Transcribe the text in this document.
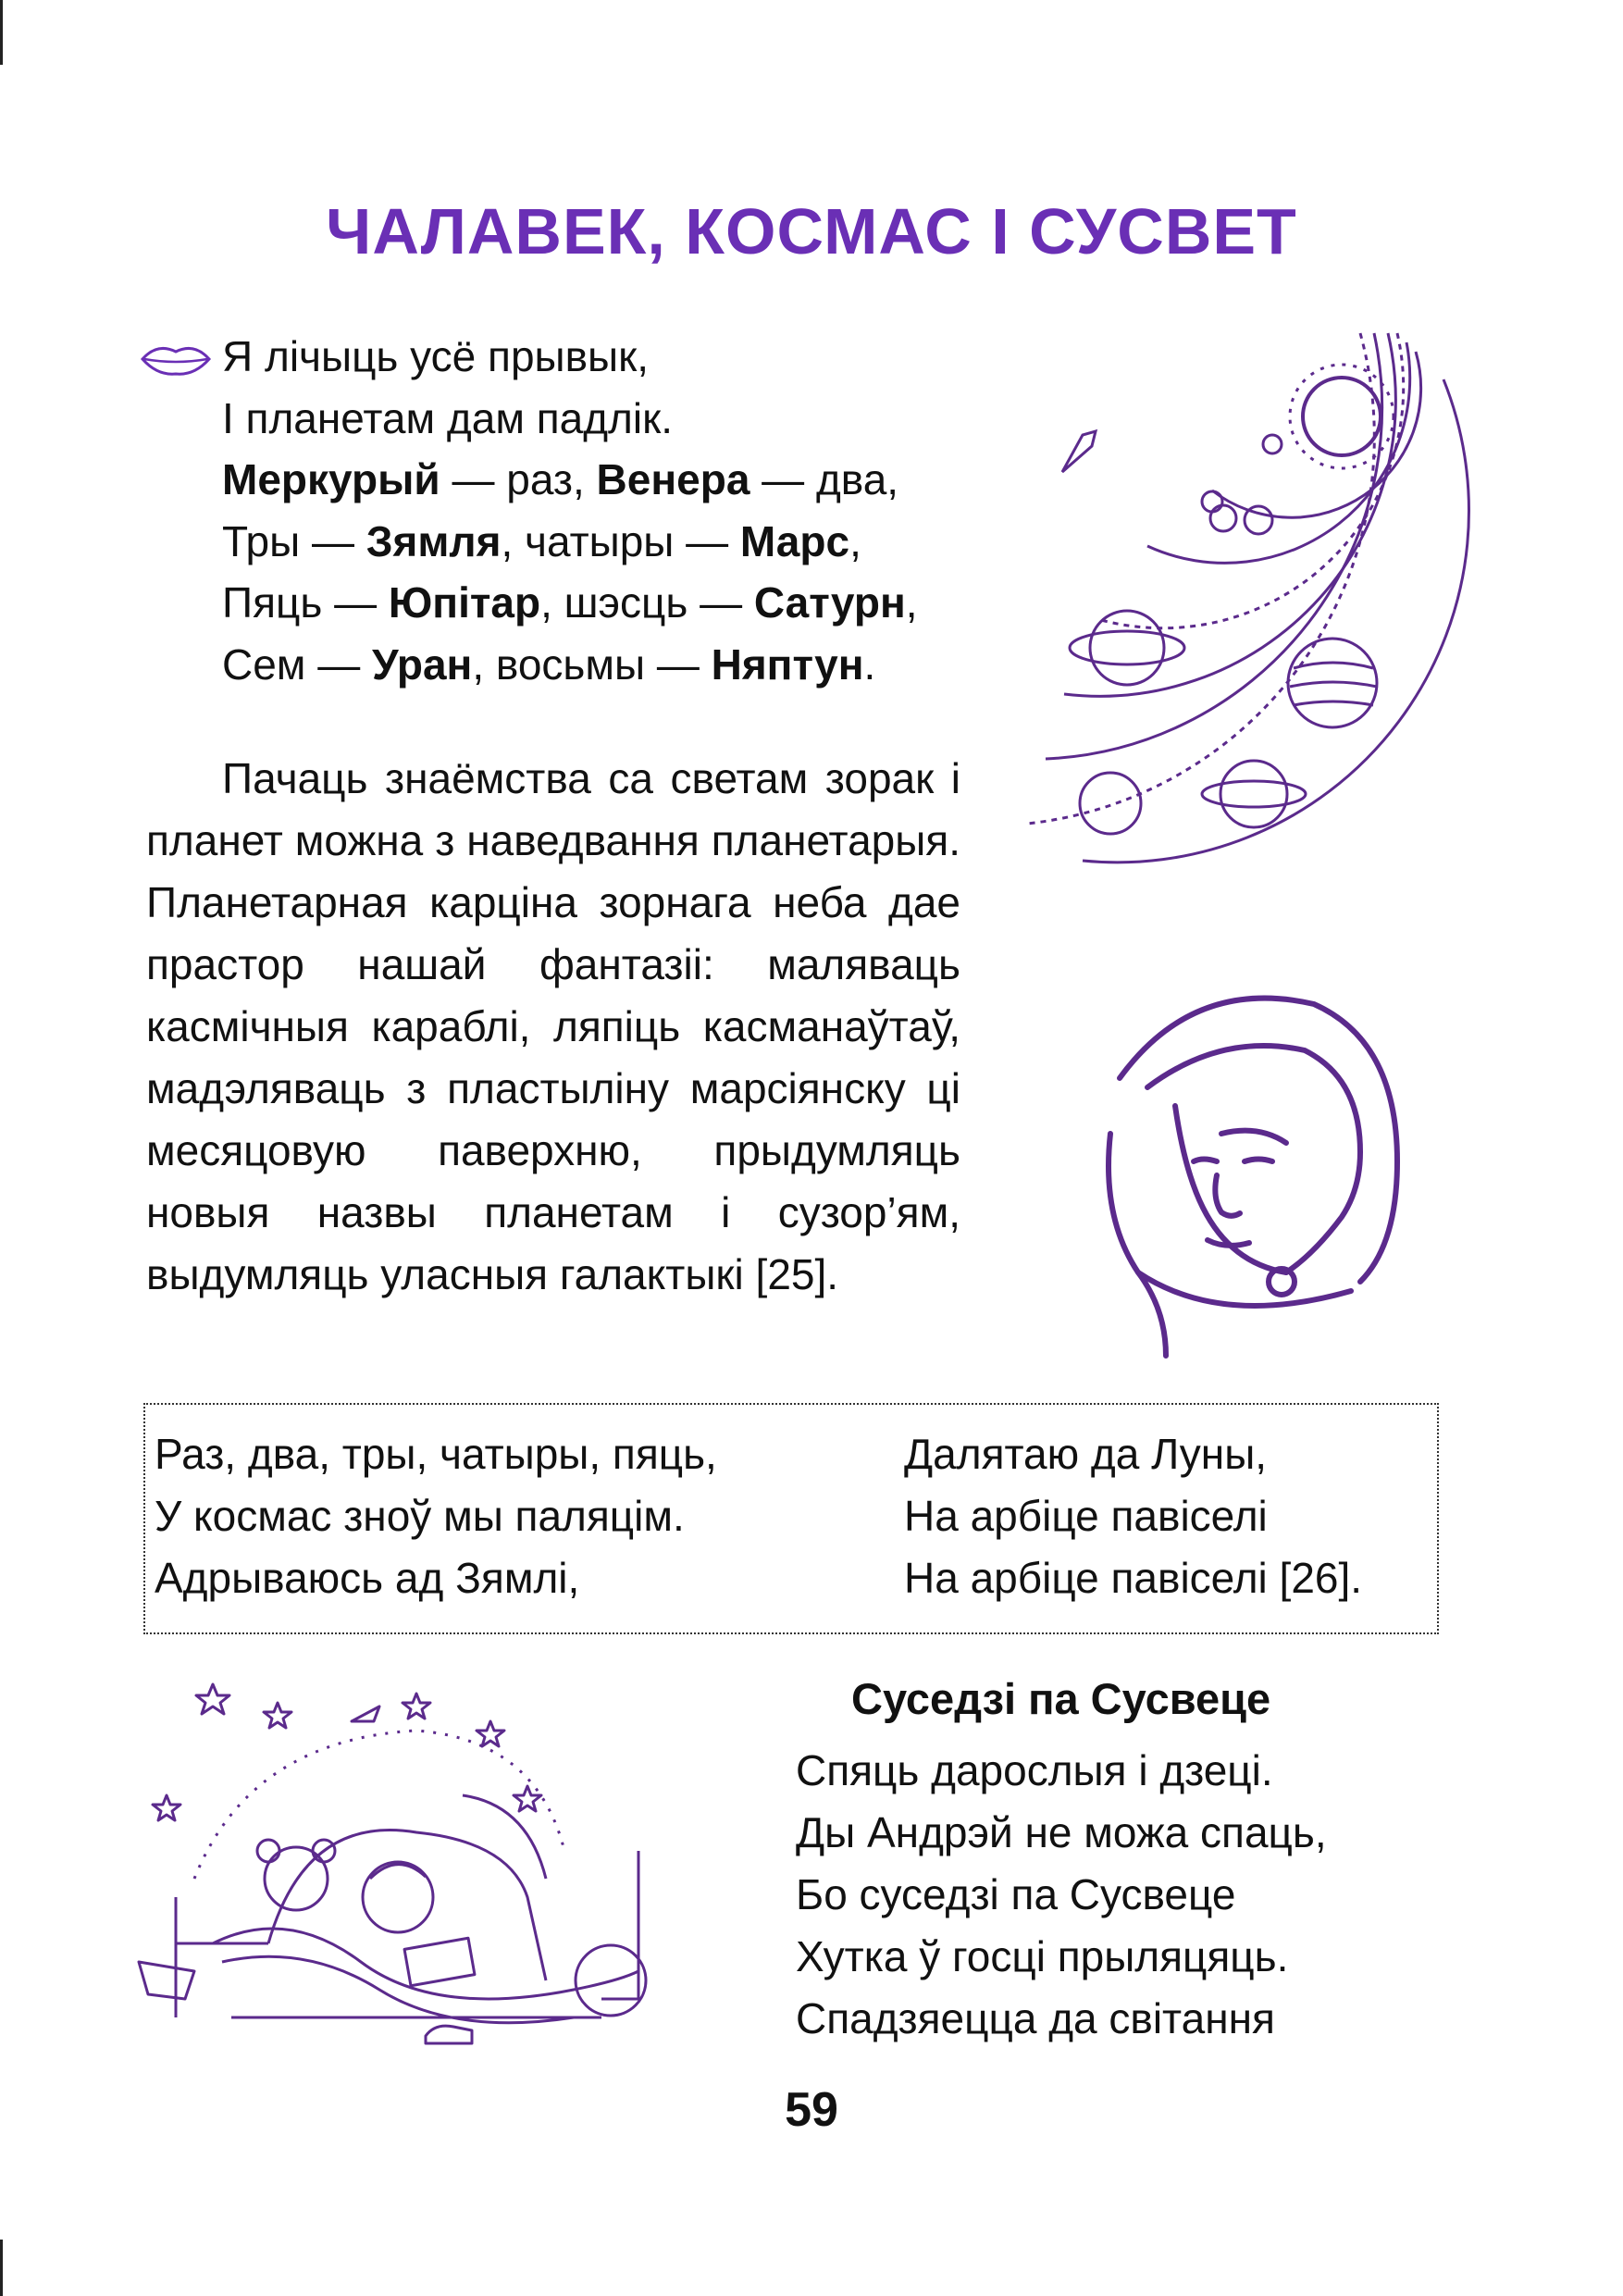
ЧАЛАВЕК, КОСМАС І СУСВЕТ
Я лічыць усё прывык,
І планетам дам падлік.
Меркурый — раз, Венера — два,
Тры — Зямля, чатыры — Марс,
Пяць — Юпітар, шэсць — Сатурн,
Сем — Уран, восьмы — Няптун.
Пачаць знаёмства са светам зорак і планет можна з наведвання планетарыя. Планетарная карціна зорнага неба дае прастор нашай фантазіі: маляваць касмічныя караблі, ляпіць касманаўтаў, мадэляваць з пластыліну марсіянску ці месяцовую паверхню, прыдумляць новыя назвы планетам і сузор’ям, выдумляць уласныя галактыкі [25].
Раз, два, тры, чатыры, пяць,
У космас зноў мы паляцім.
Адрываюсь ад Зямлі,
Далятаю да Луны,
На арбіце павіселі
На арбіце павіселі [26].
Суседзі па Сусвеце
Спяць дарослыя і дзеці.
Ды Андрэй не можа спаць,
Бо суседзі па Сусвеце
Хутка ў госці прыляцяць.
Спадзяецца да світання
59
